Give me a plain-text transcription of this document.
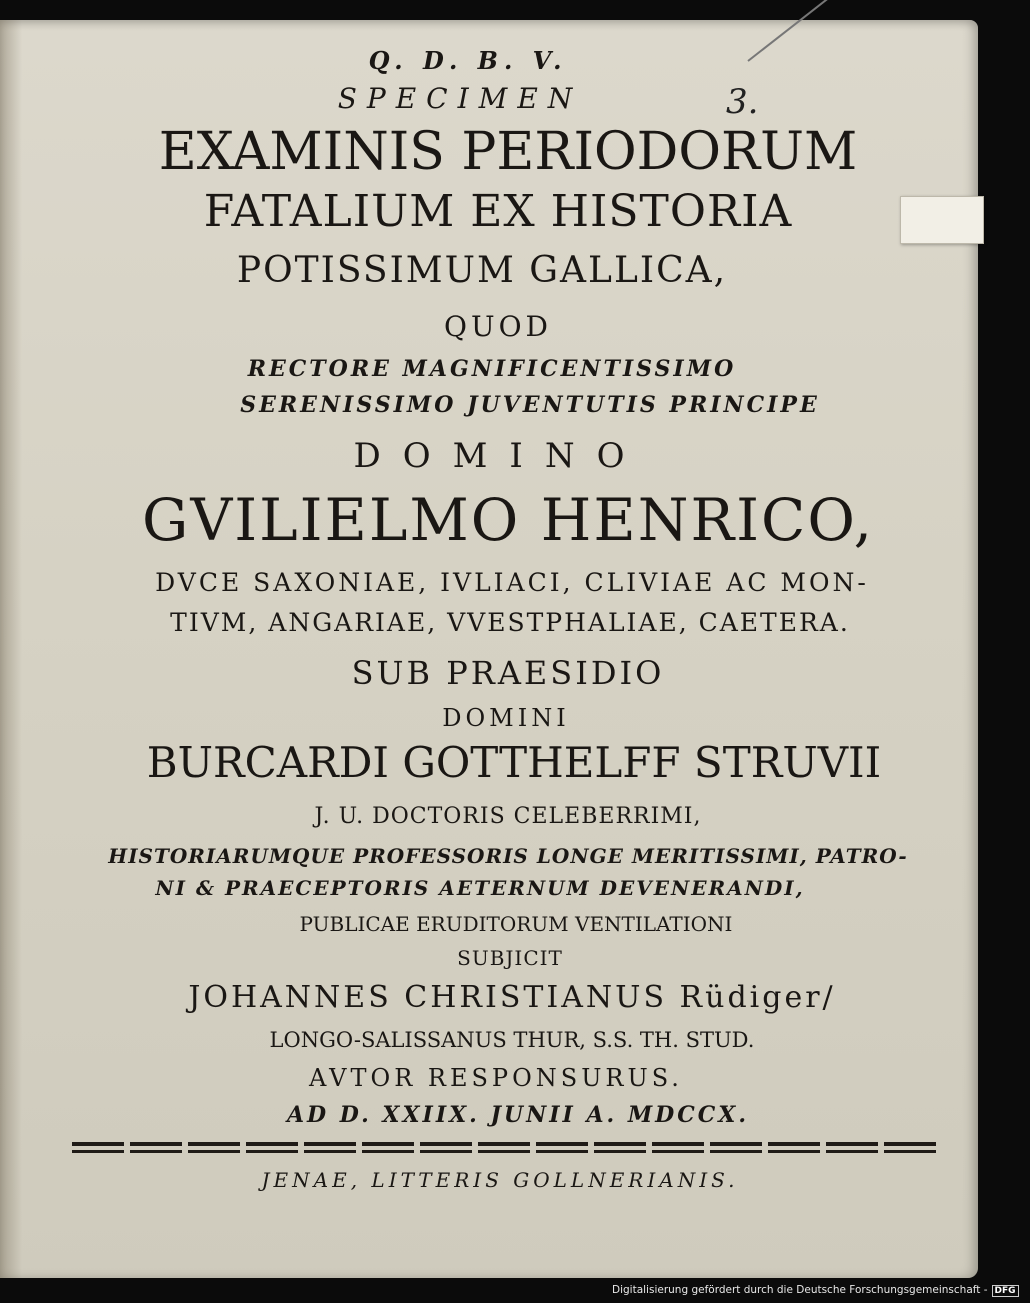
Q. D. B. V.
SPECIMEN	3.
EXAMINIS PERIODORUM
FATALIUM EX HISTORIA
POTISSIMUM GALLICA,
QUOD
RECTORE MAGNIFICENTISSIMO
SERENISSIMO JUVENTUTIS PRINCIPE
DOMINO
GVILIELMO HENRICO,
DVCE SAXONIAE, IVLIACI, CLIVIAE AC MON-
TIVM, ANGARIAE, VVESTPHALIAE, CAETERA.
SUB PRAESIDIO
DOMINI
BURCARDI GOTTHELFF STRUVII
J. U. DOCTORIS CELEBERRIMI,
HISTORIARUMQUE PROFESSORIS LONGE MERITISSIMI, PATRO-
NI & PRAECEPTORIS AETERNUM DEVENERANDI,
PUBLICAE ERUDITORUM VENTILATIONI
SUBJICIT
JOHANNES CHRISTIANUS Rüdiger/
LONGO-SALISSANUS THUR, S.S. TH. STUD.
AVTOR RESPONSURUS.
AD D. XXIIX. JUNII A. MDCCX.
JENAE, LITTERIS GOLLNERIANIS.
Digitalisierung gefördert durch die Deutsche Forschungsgemeinschaft - DFG
